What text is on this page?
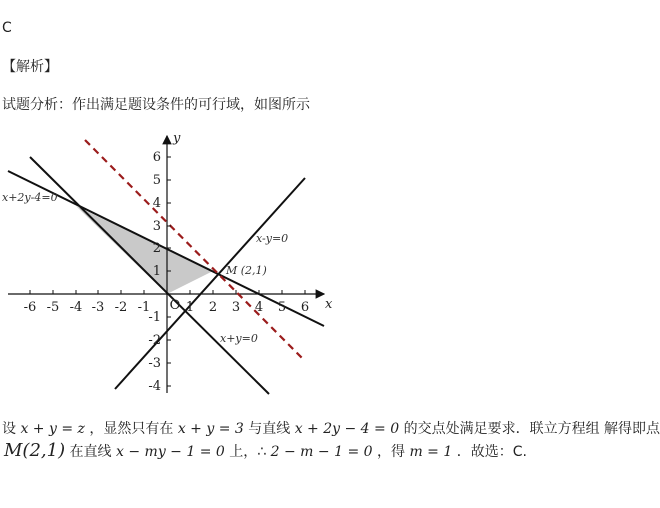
C
【解析】
试题分析：作出满足题设条件的可行域，如图所示
-6 -5 -4 -3 -2 -1 O 1 2 3 4 5 6
6
5
4
3
2
1
-1
-2
-3
-4
x
y
x+2y-4=0
x-y=0
x+y=0
M (2,1)
设 x + y = z ，显然只有在 x + y = 3 与直线 x + 2y − 4 = 0 的交点处满足要求．联立方程组 解得即点
M(2,1) 在直线 x − my − 1 = 0 上，∴ 2 − m − 1 = 0 ，得 m = 1 ．故选：C.
